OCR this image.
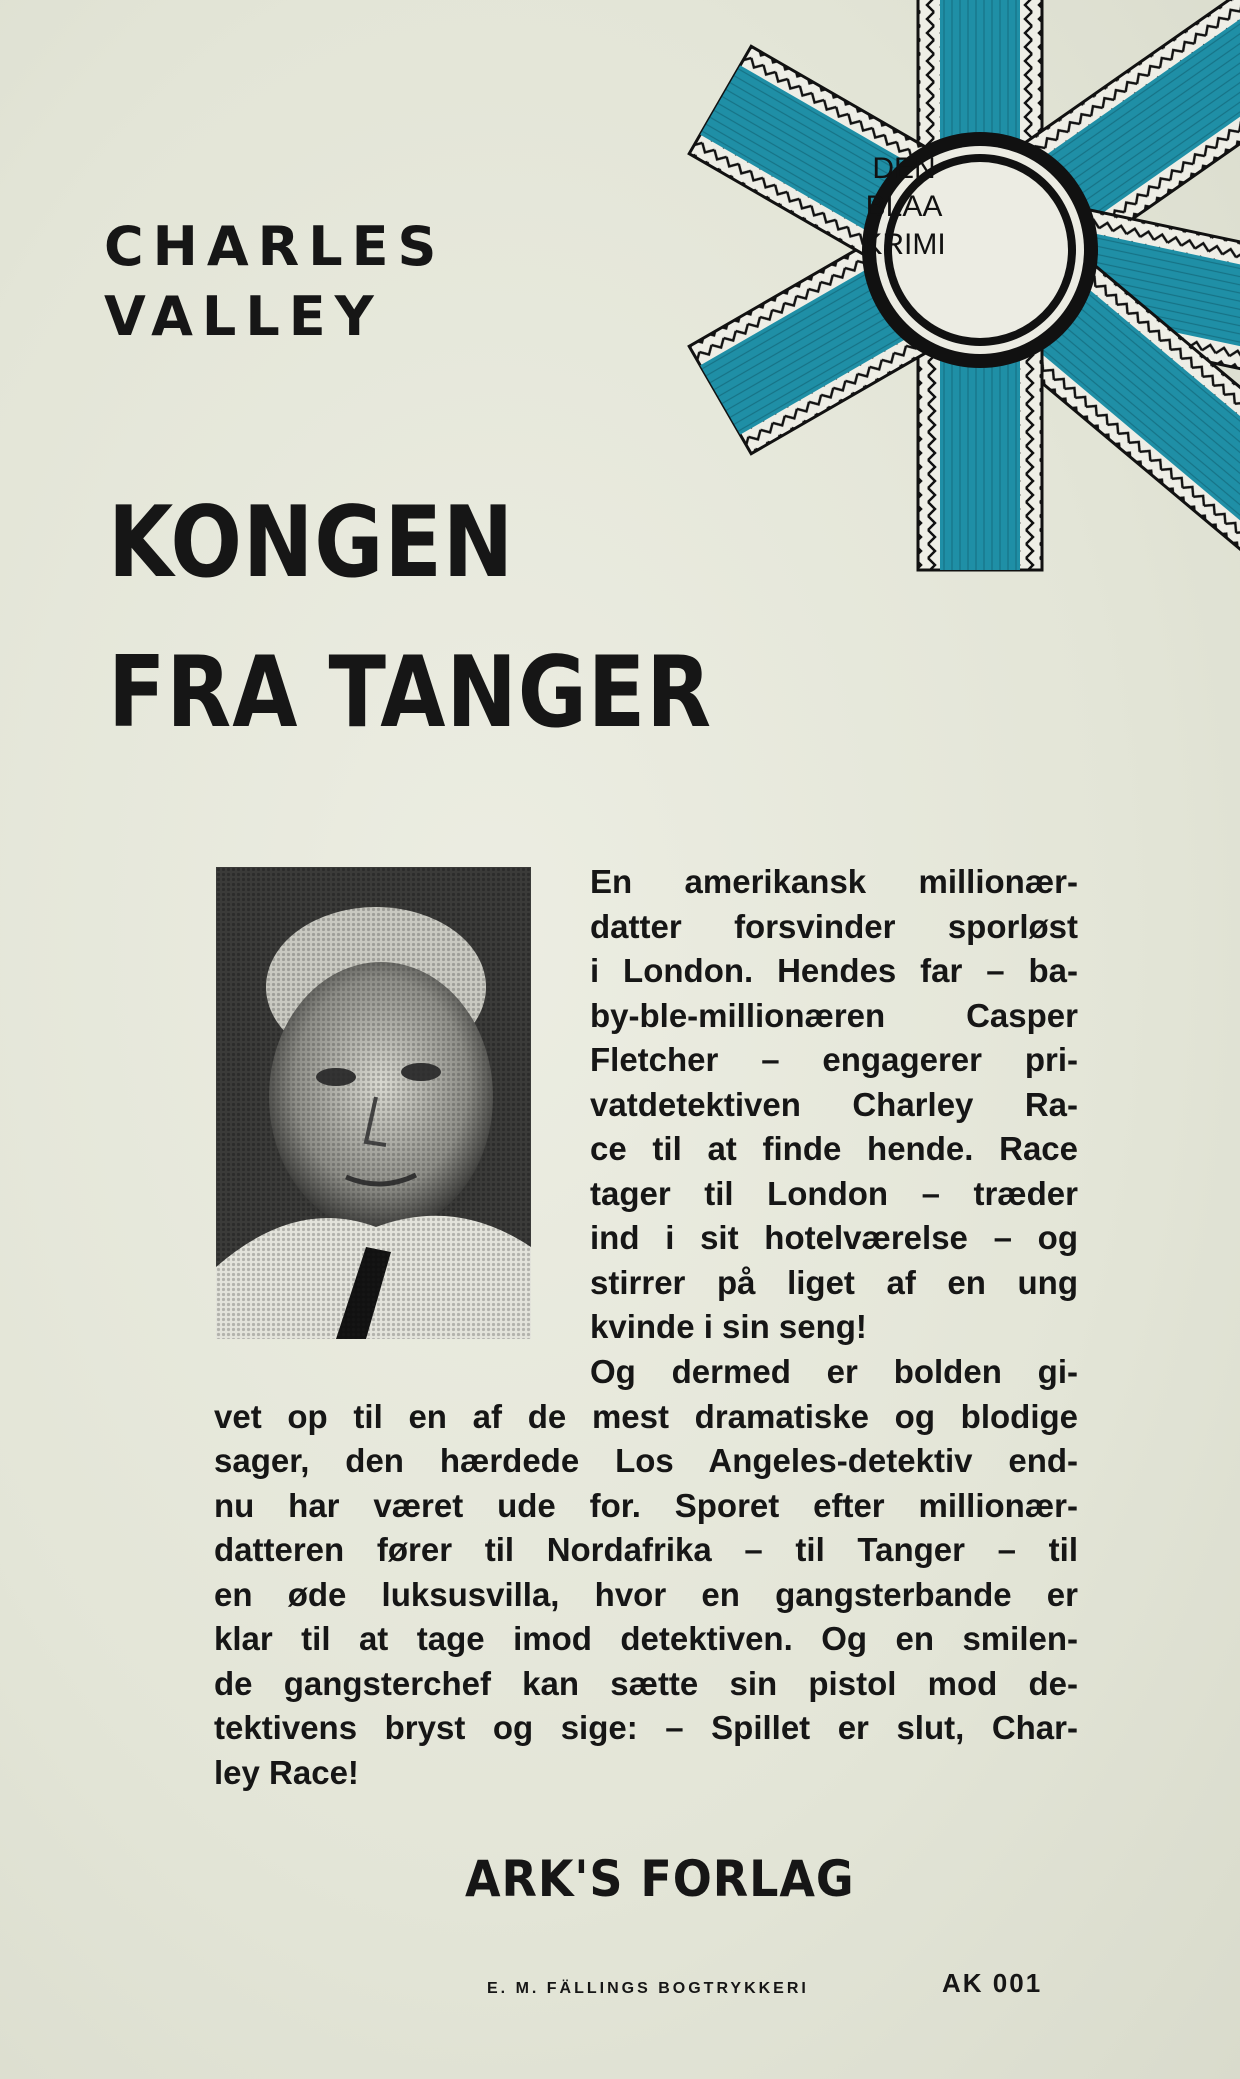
DEN
BLAA
KRIMI
CHARLES
VALLEY
KONGEN
FRA TANGER
En amerikansk millionær-
datter forsvinder sporløst
i London. Hendes far – ba-
by-ble-millionæren Casper
Fletcher – engagerer pri-
vatdetektiven Charley Ra-
ce til at finde hende. Race
tager til London – træder
ind i sit hotelværelse – og
stirrer på liget af en ung
kvinde i sin seng!
Og dermed er bolden gi-
vet op til en af de mest dramatiske og blodige
sager, den hærdede Los Angeles-detektiv end-
nu har været ude for. Sporet efter millionær-
datteren fører til Nordafrika – til Tanger – til
en øde luksusvilla, hvor en gangsterbande er
klar til at tage imod detektiven. Og en smilen-
de gangsterchef kan sætte sin pistol mod de-
tektivens bryst og sige: – Spillet er slut, Char-
ley Race!
ARK'S FORLAG
E. M. FÄLLINGS BOGTRYKKERI	AK 001
